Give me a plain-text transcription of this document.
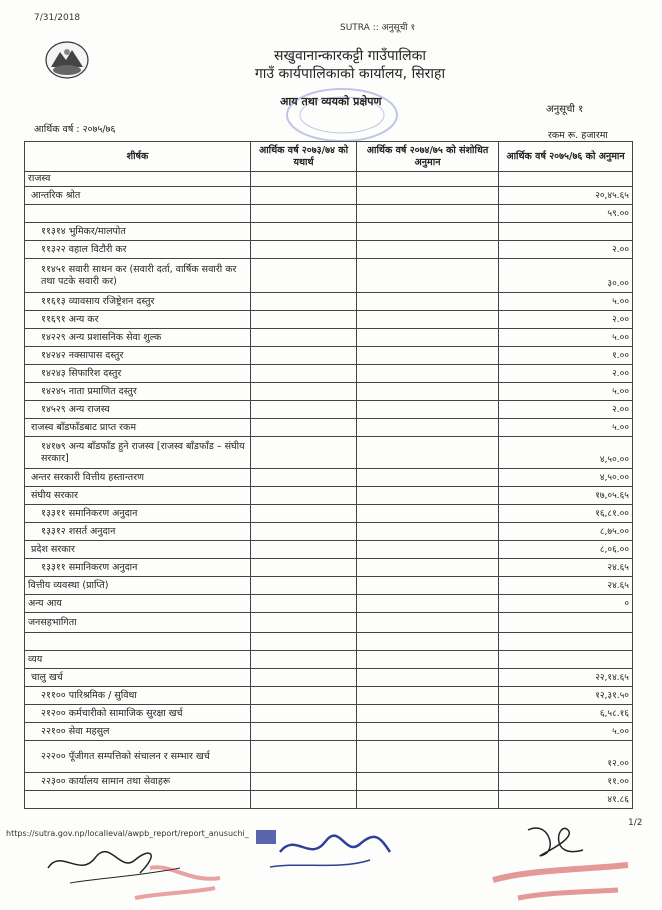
7/31/2018
SUTRA :: अनुसूची १
सखुवानान्कारकट्टी गाउँपालिका
गाउँ कार्यपालिकाको कार्यालय, सिराहा
आय तथा व्ययको प्रक्षेपण
अनुसूची १
आर्थिक वर्ष : २०७५/७६
रकम रू. हजारमा
शीर्षक	आर्थिक वर्ष २०७३/७४ को यथार्थ	आर्थिक वर्ष २०७४/७५ को संशोधित अनुमान	आर्थिक वर्ष २०७५/७६ को अनुमान
राजस्व			
आन्तरिक श्रोत			२०,४५.६५
			५९.००
११३१४ भुमिकर/मालपोत			
११३२२ वहाल विटौरी कर			२.००
११४५१ सवारी साधन कर (सवारी दर्ता, वार्षिक सवारी कर तथा पटके सवारी कर)			३०.००
११६१३ व्यावसाय रजिष्ट्रेशन दस्तुर			५.००
११६९१ अन्य कर			२.००
१४२२९ अन्य प्रशासनिक सेवा शुल्क			५.००
१४२४२ नक्सापास दस्तुर			१.००
१४२४३ सिफारिश दस्तुर			२.००
१४२४५ नाता प्रमाणित दस्तुर			५.००
१४५२९ अन्य राजस्व			२.००
राजस्व बाँडफाँडबाट प्राप्त रकम			५.००
१४१७९ अन्य बाँडफाँड हुने राजस्व [राजस्व बाँडफाँड – संघीय सरकार]			४,५०.००
अन्तर सरकारी वित्तीय हस्तान्तरण			४,५०.००
संघीय सरकार			१७,०५.६५
१३३११ समानिकरण अनुदान			१६,८१.००
१३३१२ शसर्त अनुदान			८,७५.००
प्रदेश सरकार			८,०६.००
१३३११ समानिकरण अनुदान			२४.६५
वित्तीय व्यवस्था (प्राप्ति)			२४.६५
अन्य आय			०
जनसहभागिता			

व्यय			
चालु खर्च			२२,१४.६५
२११०० पारिश्रमिक / सुविधा			१२,३१.५०
२१२०० कर्मचारीको सामाजिक सुरक्षा खर्च			६,५८.१६
२२१०० सेवा महसुल			५.००
२२२०० पूँजीगत सम्पत्तिको संचालन र सम्भार खर्च			१२.००
२२३०० कार्यालय सामान तथा सेवाहरू			११.००
			४१.८६
https://sutra.gov.np/localleval/awpb_report/report_anusuchi_
1/2
